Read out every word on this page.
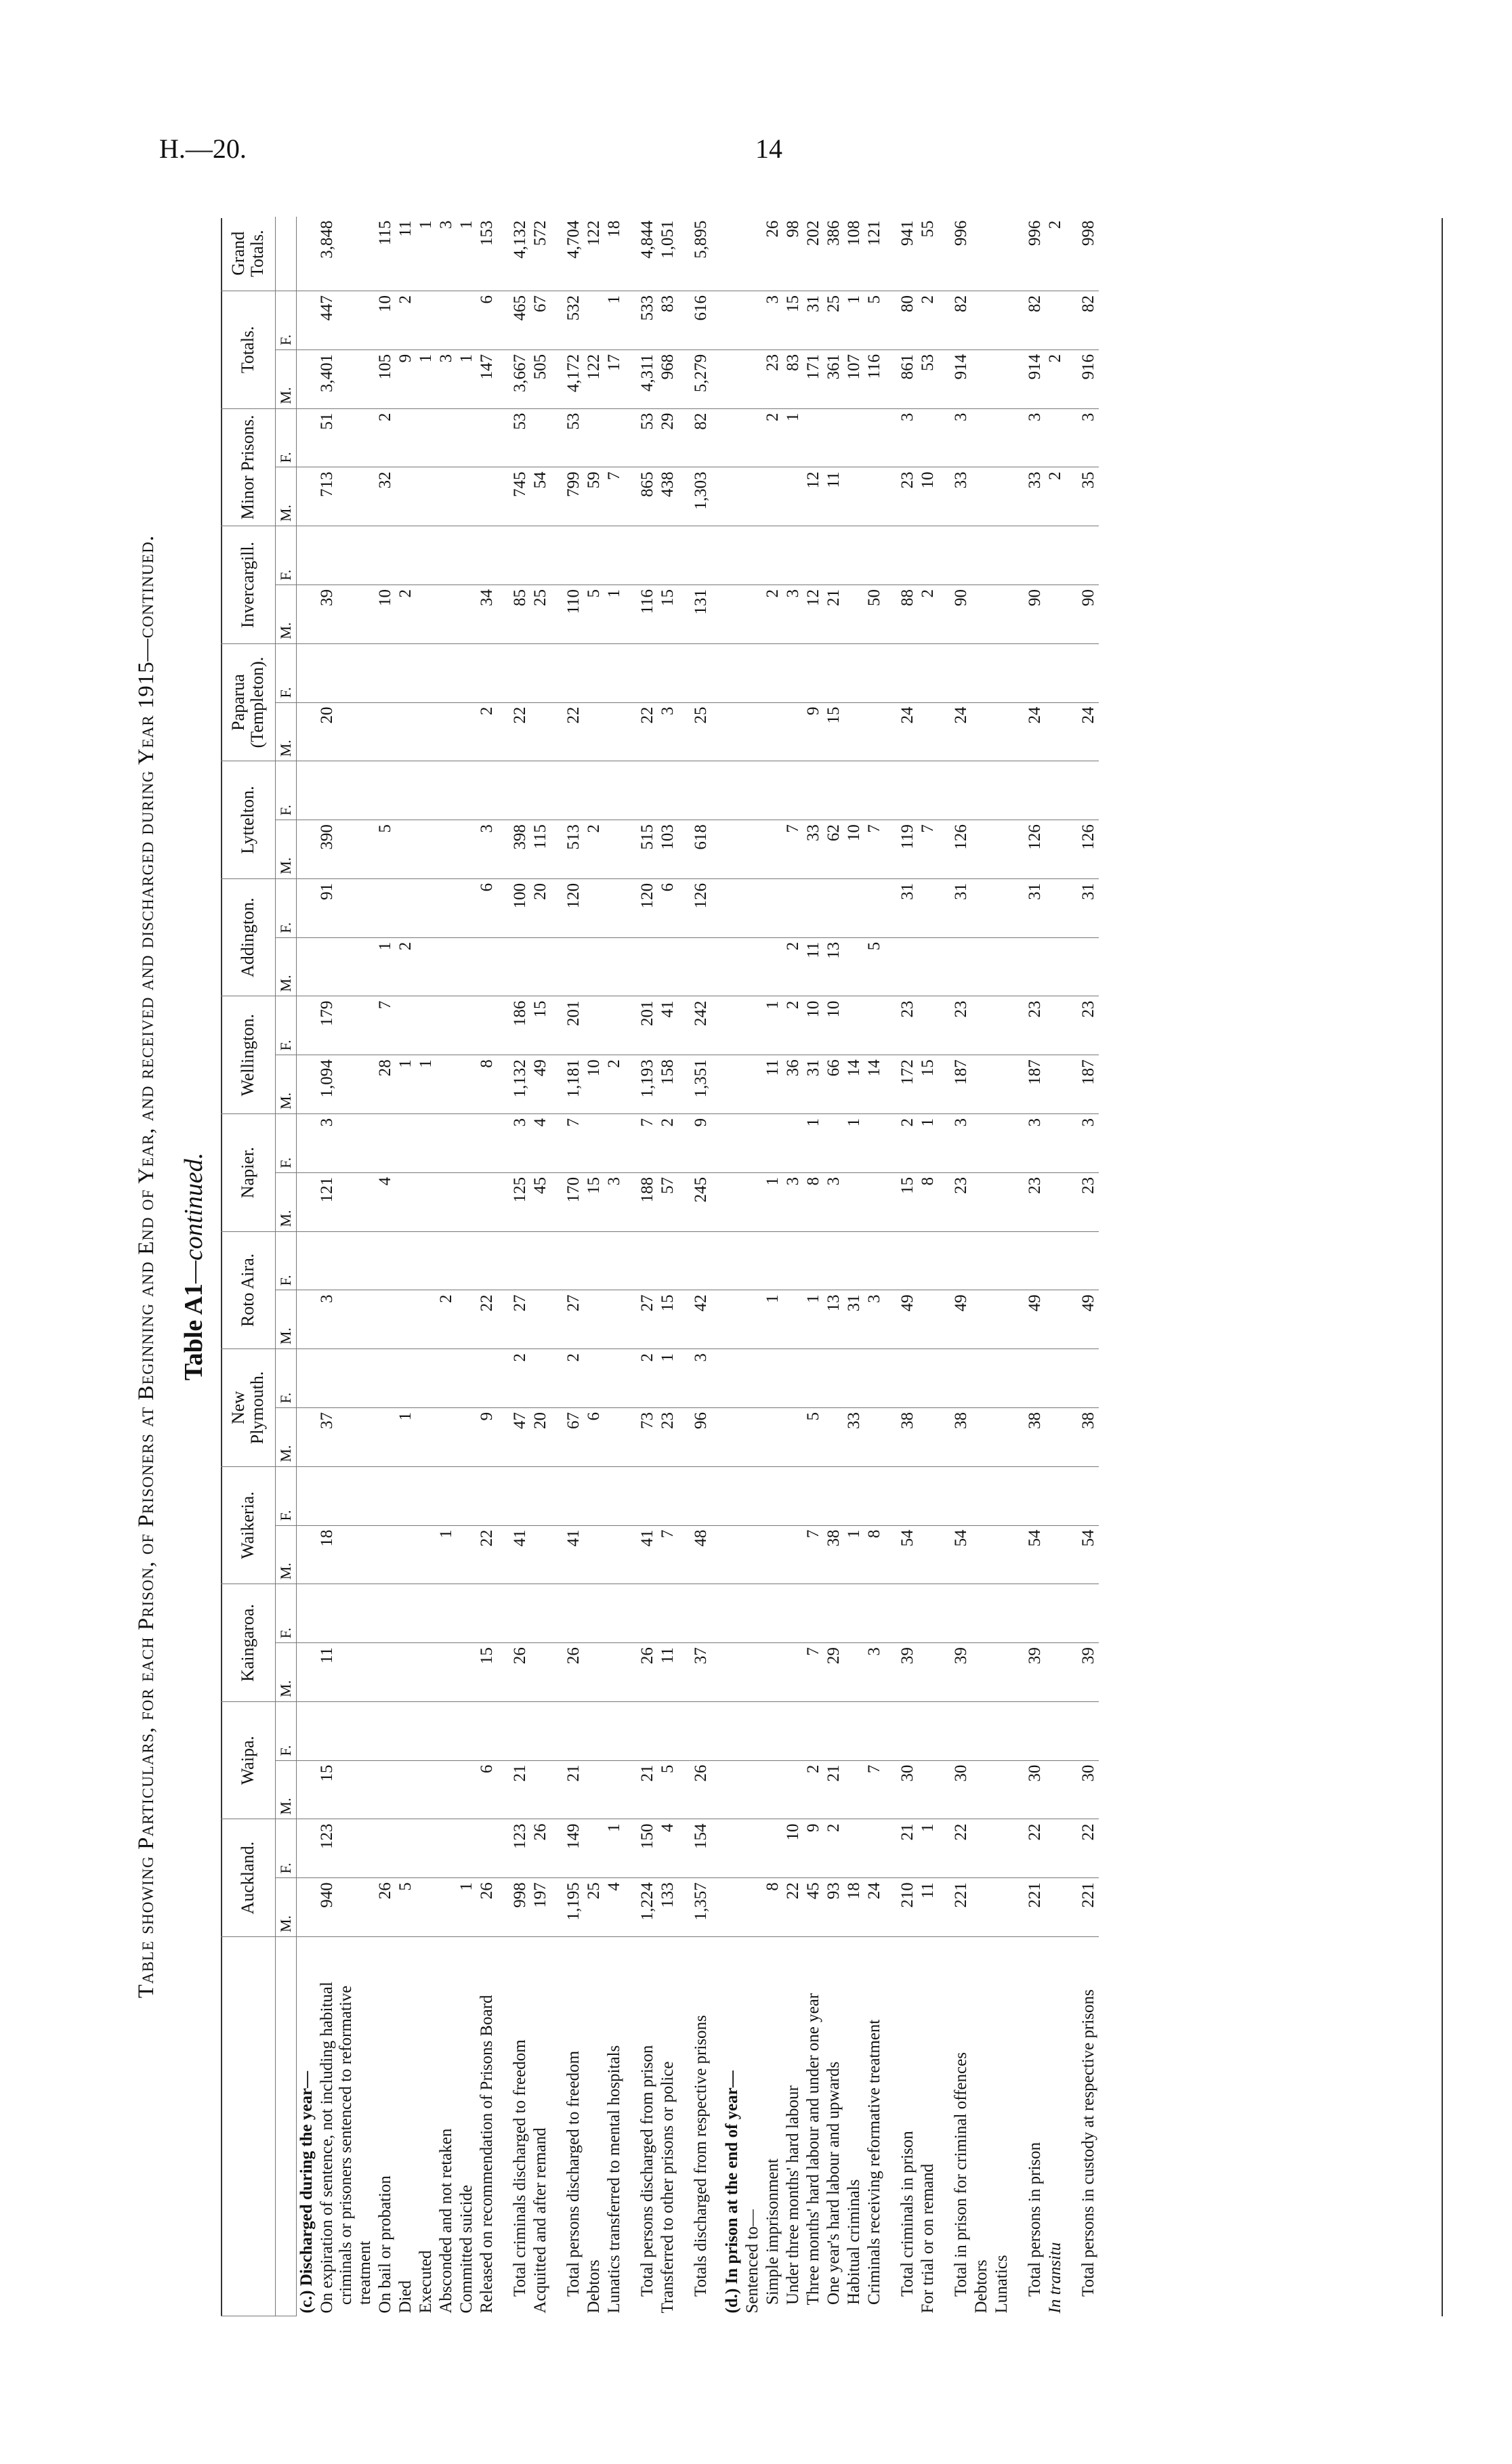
H.—20.	14
Table showing Particulars, for each Prison, of Prisoners at Beginning and End of Year, and received and discharged during Year 1915—continued. Table A1—continued.
	Auckland.		Waipa.		Kaingaroa.		Waikeria.		New Plymouth.		Roto Aira.		Napier.		Wellington.		Addington.		Lyttelton.		Paparua (Templeton).		Invercargill.		Minor Prisons.		Totals.		Grand Totals.
	M.	F.	M.	F.	M.	F.	M.	F.	M.	F.	M.	F.	M.	F.	M.	F.	M.	F.	M.	F.	M.	F.	M.	F.	M.	F.	M.	F.	
(c.) Discharged during the year—																													
On expiration of sentence, not including habitual
criminals or prisoners sentenced to reformative
treatment	940	123	15		11		18		37		3		121	3	1,094	179		91	390		20		39		713	51	3,401	447	3,848
On bail or probation	26												4		28	7	1		5				10		32	2	105	10	115
Died	5								1						1		2						2				9	2	11
Executed															1												1		1
Absconded and not retaken							1				2																3		3
Committed suicide	1																										1		1
Released on recommendation of Prisons Board	26		6		15		22		9		22				8			6	3		2		34				147	6	153

Total criminals discharged to freedom	998	123	21		26		41		47	2	27		125	3	1,132	186		100	398		22		85		745	53	3,667	465	4,132
Acquitted and after remand	197	26							20				45	4	49	15		20	115				25		54		505	67	572

Total persons discharged to freedom	1,195	149	21		26		41		67	2	27		170	7	1,181	201		120	513		22		110		799	53	4,172	532	4,704
Debtors	25								6				15		10				2				5		59		122		122
Lunatics transferred to mental hospitals	4	1											3		2								1		7		17	1	18

Total persons discharged from prison	1,224	150	21		26		41		73	2	27		188	7	1,193	201		120	515		22		116		865	53	4,311	533	4,844
Transferred to other prisons or police	133	4	5		11		7		23	1	15		57	2	158	41		6	103		3		15		438	29	968	83	1,051

Totals discharged from respective prisons	1,357	154	26		37		48		96	3	42		245	9	1,351	242		126	618		25		131		1,303	82	5,279	616	5,895

(d.) In prison at the end of year—																													
Sentenced to—																													
Simple imprisonment	8										1		1		11	1							2			2	23	3	26
Under three months' hard labour	22	10											3		36	2	2		7				3			1	83	15	98
Three months' hard labour and under one year	45	9	2		7		7		5		1		8	1	31	10	11		33		9		12		12		171	31	202
One year's hard labour and upwards	93	2	21		29		38				13		3		66	10	13		62		15		21		11		361	25	386
Habitual criminals	18						1		33		31			1	14				10								107	1	108
Criminals receiving reformative treatment	24		7		3		8				3				14		5		7				50				116	5	121

Total criminals in prison	210	21	30		39		54		38		49		15	2	172	23		31	119		24		88		23	3	861	80	941
For trial or on remand	11	1											8	1	15				7				2		10		53	2	55

Total in prison for criminal offences	221	22	30		39		54		38		49		23	3	187	23		31	126		24		90		33	3	914	82	996
Debtors																													
Lunatics																													

Total persons in prison	221	22	30		39		54		38		49		23	3	187	23		31	126		24		90		33	3	914	82	996
In transitu																									2		2		2

Total persons in custody at respective prisons	221	22	30		39		54		38		49		23	3	187	23		31	126		24		90		35	3	916	82	998
